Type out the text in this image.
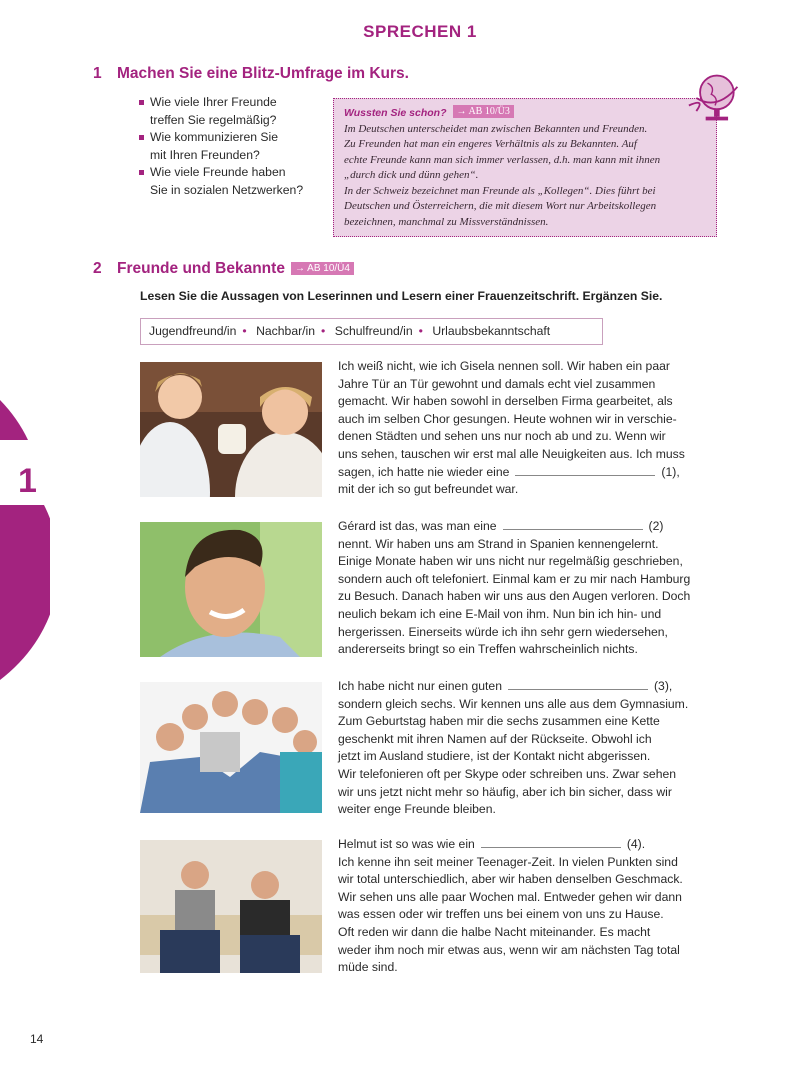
1
SPRECHEN 1
1 Machen Sie eine Blitz-Umfrage im Kurs.
Wie viele Ihrer Freunde
treffen Sie regelmäßig?
Wie kommunizieren Sie
mit Ihren Freunden?
Wie viele Freunde haben
Sie in sozialen Netzwerken?
Wussten Sie schon? → AB 10/Ü3
Im Deutschen unterscheidet man zwischen Bekannten und Freunden.
Zu Freunden hat man ein engeres Verhältnis als zu Bekannten. Auf
echte Freunde kann man sich immer verlassen, d.h. man kann mit ihnen
„durch dick und dünn gehen“.
In der Schweiz bezeichnet man Freunde als „Kollegen“. Dies führt bei
Deutschen und Österreichern, die mit diesem Wort nur Arbeitskollegen
bezeichnen, manchmal zu Missverständnissen.
2 Freunde und Bekannte → AB 10/Ü4
Lesen Sie die Aussagen von Leserinnen und Lesern einer Frauenzeitschrift. Ergänzen Sie.
Jugendfreund/in • Nachbar/in • Schulfreund/in • Urlaubsbekanntschaft
Ich weiß nicht, wie ich Gisela nennen soll. Wir haben ein paar
Jahre Tür an Tür gewohnt und damals echt viel zusammen
gemacht. Wir haben sowohl in derselben Firma gearbeitet, als
auch im selben Chor gesungen. Heute wohnen wir in verschie-
denen Städten und sehen uns nur noch ab und zu. Wenn wir
uns sehen, tauschen wir erst mal alle Neuigkeiten aus. Ich muss
sagen, ich hatte nie wieder eine	(1),
mit der ich so gut befreundet war.
Gérard ist das, was man eine	(2)
nennt. Wir haben uns am Strand in Spanien kennengelernt.
Einige Monate haben wir uns nicht nur regelmäßig geschrieben,
sondern auch oft telefoniert. Einmal kam er zu mir nach Hamburg
zu Besuch. Danach haben wir uns aus den Augen verloren. Doch
neulich bekam ich eine E-Mail von ihm. Nun bin ich hin- und
hergerissen. Einerseits würde ich ihn sehr gern wiedersehen,
andererseits bringt so ein Treffen wahrscheinlich nichts.
Ich habe nicht nur einen guten	(3),
sondern gleich sechs. Wir kennen uns alle aus dem Gymnasium.
Zum Geburtstag haben mir die sechs zusammen eine Kette
geschenkt mit ihren Namen auf der Rückseite. Obwohl ich
jetzt im Ausland studiere, ist der Kontakt nicht abgerissen.
Wir telefonieren oft per Skype oder schreiben uns. Zwar sehen
wir uns jetzt nicht mehr so häufig, aber ich bin sicher, dass wir
weiter enge Freunde bleiben.
Helmut ist so was wie ein	(4).
Ich kenne ihn seit meiner Teenager-Zeit. In vielen Punkten sind
wir total unterschiedlich, aber wir haben denselben Geschmack.
Wir sehen uns alle paar Wochen mal. Entweder gehen wir dann
was essen oder wir treffen uns bei einem von uns zu Hause.
Oft reden wir dann die halbe Nacht miteinander. Es macht
weder ihm noch mir etwas aus, wenn wir am nächsten Tag total
müde sind.
14
